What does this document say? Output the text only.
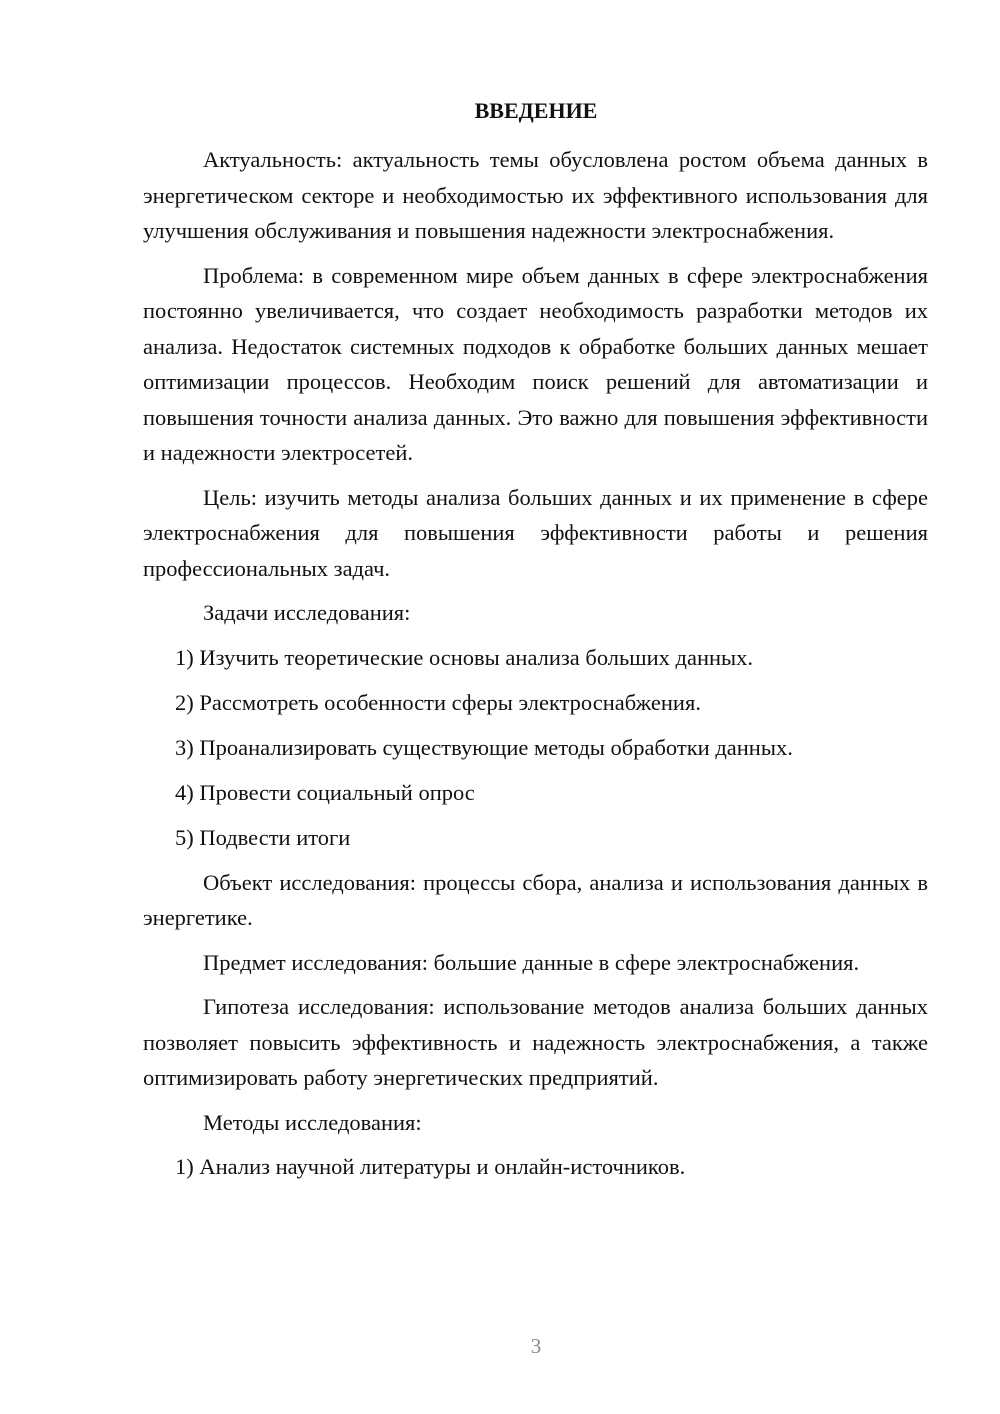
ВВЕДЕНИЕ

Актуальность: актуальность темы обусловлена ростом объема данных в энергетическом секторе и необходимостью их эффективного использования для улучшения обслуживания и повышения надежности электроснабжения.

Проблема: в современном мире объем данных в сфере электроснабжения постоянно увеличивается, что создает необходимость разработки методов их анализа. Недостаток системных подходов к обработке больших данных мешает оптимизации процессов. Необходим поиск решений для автоматизации и повышения точности анализа данных. Это важно для повышения эффективности и надежности электросетей.

Цель: изучить методы анализа больших данных и их применение в сфере электроснабжения для повышения эффективности работы и решения профессиональных задач.

Задачи исследования:

1) Изучить теоретические основы анализа больших данных.

2) Рассмотреть особенности сферы электроснабжения.

3) Проанализировать существующие методы обработки данных.

4) Провести социальный опрос

5) Подвести итоги

Объект исследования: процессы сбора, анализа и использования данных в энергетике.

Предмет исследования: большие данные в сфере электроснабжения.

Гипотеза исследования: использование методов анализа больших данных позволяет повысить эффективность и надежность электроснабжения, а также оптимизировать работу энергетических предприятий.

Методы исследования:

1) Анализ научной литературы и онлайн-источников.

3
